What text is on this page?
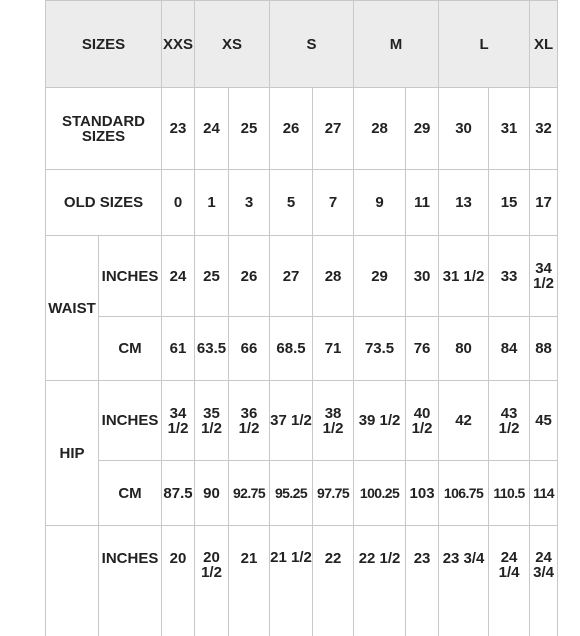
SIZES		XXS	XS		S		M		L		XL
STANDARD SIZES		23	24	25	26	27	28	29	30	31	32
OLD SIZES		0	1	3	5	7	9	11	13	15	17
WAIST	INCHES	24	25	26	27	28	29	30	31 1/2	33	34 1/2
	CM	61	63.5	66	68.5	71	73.5	76	80	84	88
HIP	INCHES	34 1/2	35 1/2	36 1/2	37 1/2	38 1/2	39 1/2	40 1/2	42	43 1/2	45
	CM	87.5	90	92.75	95.25	97.75	100.25	103	106.75	110.5	114
	INCHES	20	20 1/2	21	21 1/2	22	22 1/2	23	23 3/4	24 1/4	24 3/4
